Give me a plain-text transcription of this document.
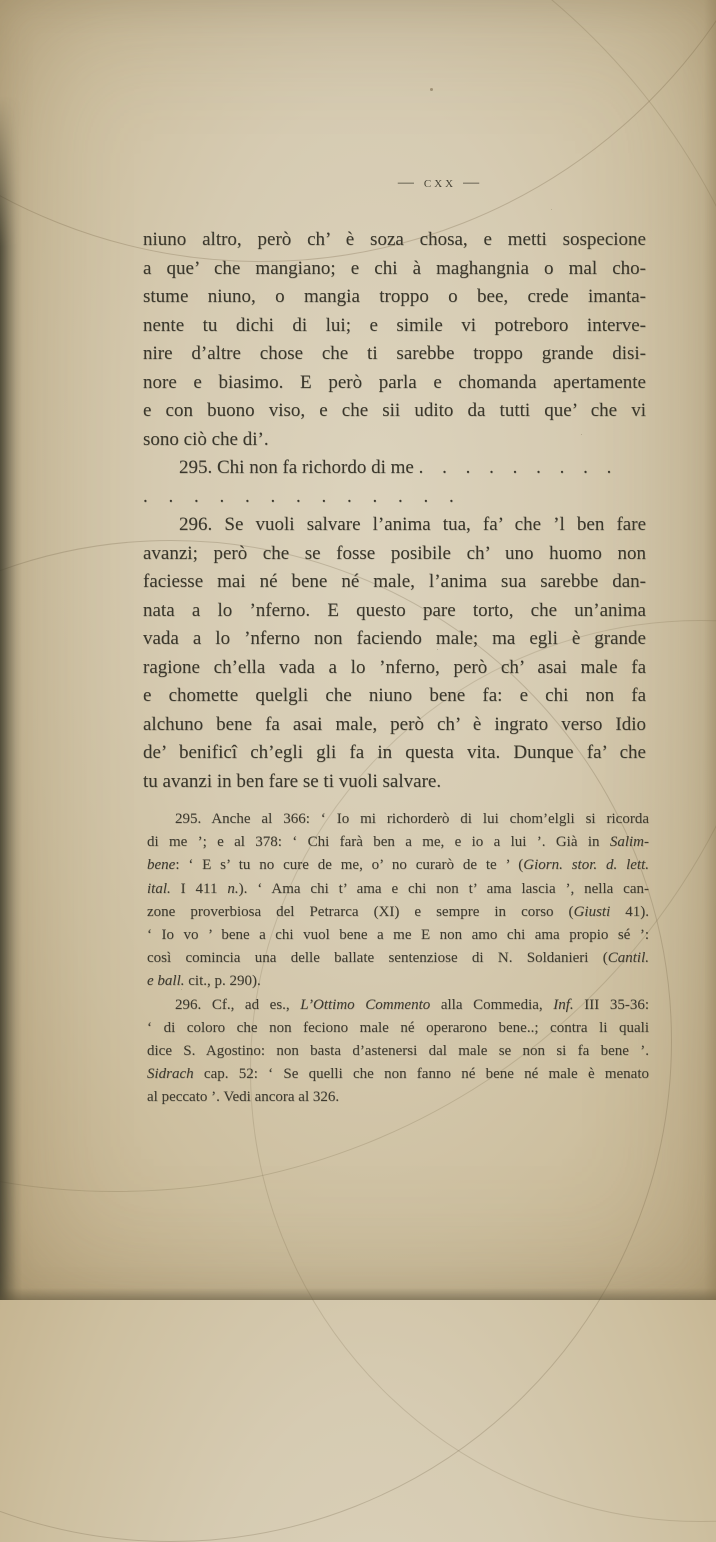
— cxx —
niuno altro, però ch’ è soza chosa, e metti sospecione
a que’ che mangiano; e chi à maghangnia o mal cho-
stume niuno, o mangia troppo o bee, crede imanta-
nente tu dichi di lui; e simile vi potreboro interve-
nire d’altre chose che ti sarebbe troppo grande disi-
nore e biasimo. E però parla e chomanda apertamente
e con buono viso, e che sii udito da tutti que’ che vi
sono ciò che di’.
295. Chi non fa richordo di me . . . . . . . . .
. . . . . . . . . . . . .
296. Se vuoli salvare l’anima tua, fa’ che ’l ben fare
avanzi; però che se fosse posibile ch’ uno huomo non
faciesse mai né bene né male, l’anima sua sarebbe dan-
nata a lo ’nferno. E questo pare torto, che un’anima
vada a lo ’nferno non faciendo male; ma egli è grande
ragione ch’ella vada a lo ’nferno, però ch’ asai male fa
e chomette quelgli che niuno bene fa: e chi non fa
alchuno bene fa asai male, però ch’ è ingrato verso Idio
de’ benificî ch’egli gli fa in questa vita. Dunque fa’ che
tu avanzi in ben fare se ti vuoli salvare.
295. Anche al 366: ‘ Io mi richorderò di lui chom’elgli si ricorda
di me ’; e al 378: ‘ Chi farà ben a me, e io a lui ’. Già in Salim-
bene: ‘ E s’ tu no cure de me, o’ no curarò de te ’ (Giorn. stor. d. lett.
ital. I 411 n.). ‘ Ama chi t’ ama e chi non t’ ama lascia ’, nella can-
zone proverbiosa del Petrarca (XI) e sempre in corso (Giusti 41).
‘ Io vo ’ bene a chi vuol bene a me E non amo chi ama propio sé ’:
così comincia una delle ballate sentenziose di N. Soldanieri (Cantil.
e ball. cit., p. 290).
296. Cf., ad es., L’Ottimo Commento alla Commedia, Inf. III 35-36:
‘ di coloro che non feciono male né operarono bene..; contra li quali
dice S. Agostino: non basta d’astenersi dal male se non si fa bene ’.
Sidrach cap. 52: ‘ Se quelli che non fanno né bene né male è menato
al peccato ’. Vedi ancora al 326.
